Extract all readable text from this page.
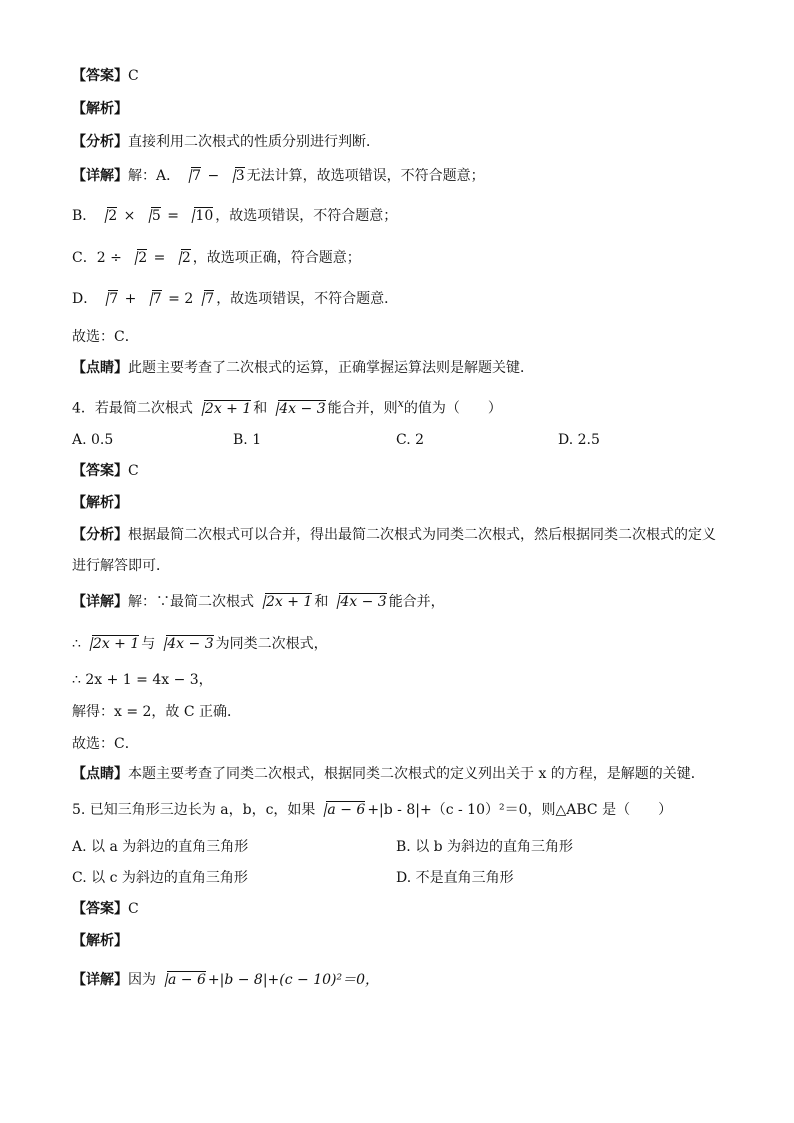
【答案】C
【解析】
【分析】直接利用二次根式的性质分别进行判断．
【详解】解：A． 7 − 3 无法计算，故选项错误，不符合题意；
B． 2 × 5 = 10 ，故选项错误，不符合题意；
C．2 ÷ 2 = 2 ，故选项正确，符合题意；
D． 7 + 7 = 2 7 ，故选项错误，不符合题意．
故选：C．
【点睛】此题主要考查了二次根式的运算，正确掌握运算法则是解题关键．
4．若最简二次根式 2x + 1 和 4x − 3 能合并，则$^x$的值为（　　）
A. 0.5	B. 1	C. 2	D. 2.5
【答案】C
【解析】
【分析】根据最简二次根式可以合并，得出最简二次根式为同类二次根式，然后根据同类二次根式的定义
进行解答即可．
【详解】解：∵最简二次根式 2x + 1 和 4x − 3 能合并，
∴ 2x + 1 与 4x − 3 为同类二次根式，
∴ 2x + 1 = 4x − 3，
解得：x = 2，故 C 正确．
故选：C．
【点睛】本题主要考查了同类二次根式，根据同类二次根式的定义列出关于 x 的方程，是解题的关键．
5. 已知三角形三边长为 a，b，c，如果 a − 6 +|b - 8|+（c - 10）²＝0，则△ABC 是（　　）
A. 以 a 为斜边的直角三角形	B. 以 b 为斜边的直角三角形
C. 以 c 为斜边的直角三角形	D. 不是直角三角形
【答案】C
【解析】
【详解】因为 a − 6 +|b − 8|+(c − 10)²＝0，
